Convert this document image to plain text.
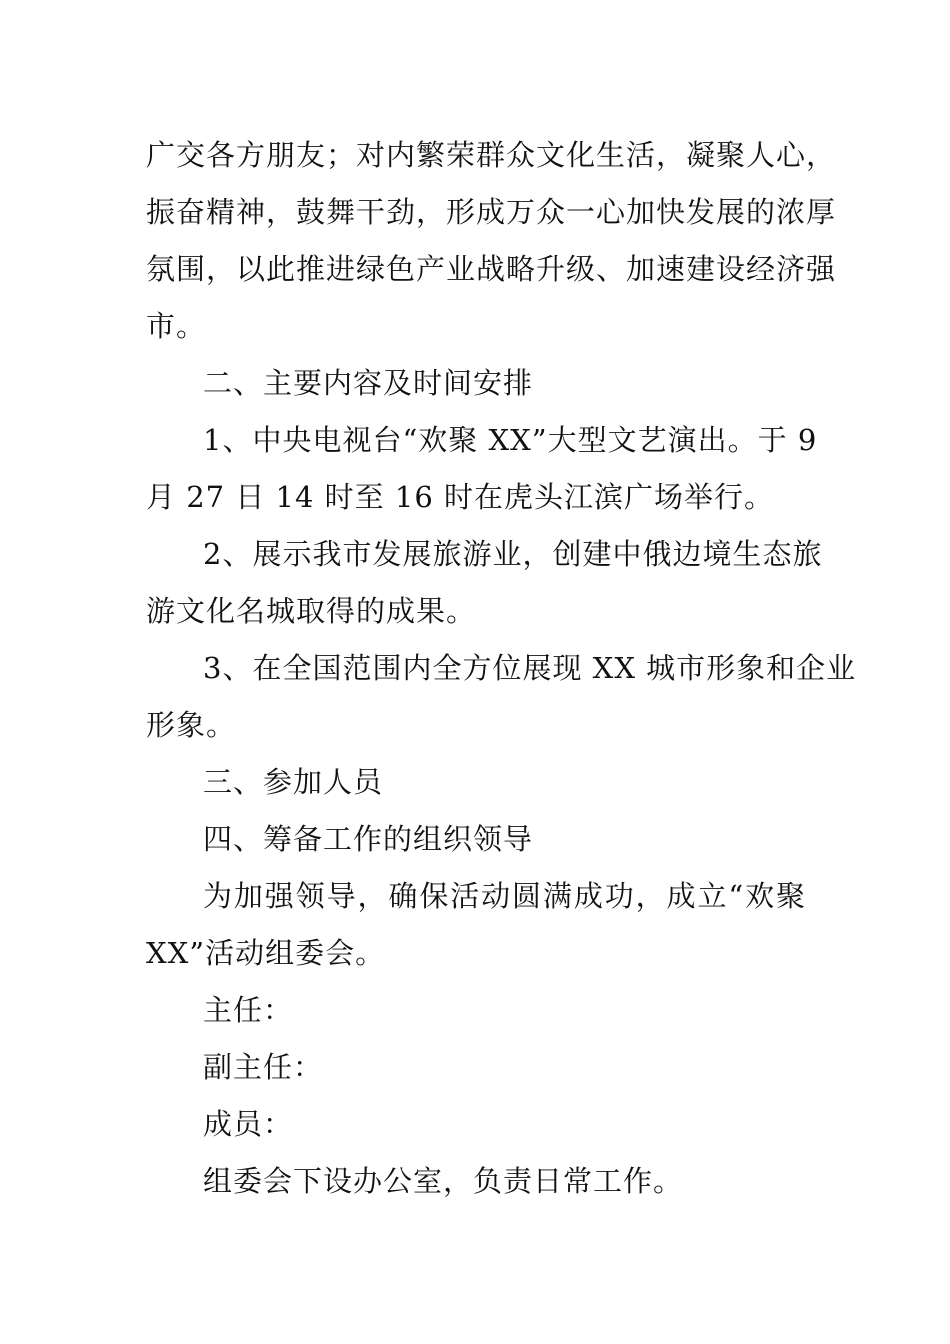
广交各方朋友；对内繁荣群众文化生活，凝聚人心，
振奋精神，鼓舞干劲，形成万众一心加快发展的浓厚
氛围，以此推进绿色产业战略升级、加速建设经济强
市。
二、主要内容及时间安排
1、中央电视台“欢聚 XX”大型文艺演出。于 9
月 27 日 14 时至 16 时在虎头江滨广场举行。
2、展示我市发展旅游业，创建中俄边境生态旅
游文化名城取得的成果。
3、在全国范围内全方位展现 XX 城市形象和企业
形象。
三、参加人员
四、筹备工作的组织领导
为加强领导，确保活动圆满成功，成立“欢聚
XX”活动组委会。
主任：
副主任：
成员：
组委会下设办公室，负责日常工作。
